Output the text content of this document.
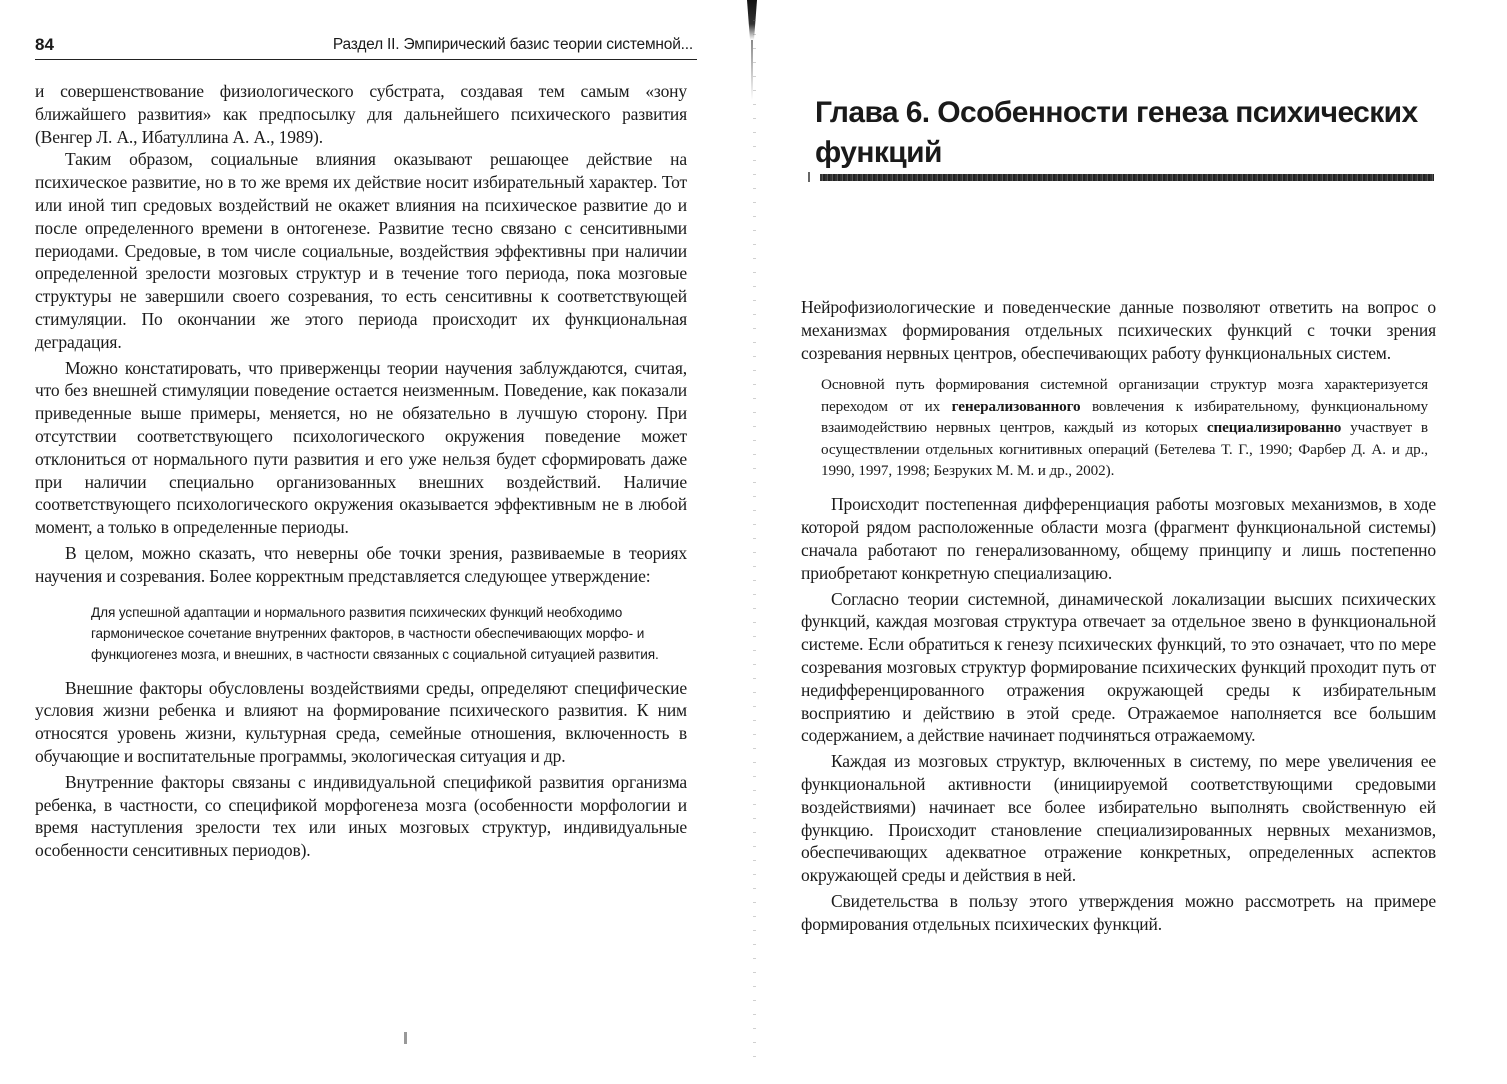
84	Раздел II. Эмпирический базис теории системной...

и совершенствование физиологического субстрата, создавая тем самым «зону ближайшего развития» как предпосылку для дальнейшего психического развития (Венгер Л. А., Ибатуллина А. А., 1989).

Таким образом, социальные влияния оказывают решающее действие на психическое развитие, но в то же время их действие носит избирательный характер. Тот или иной тип средовых воздействий не окажет влияния на психическое развитие до и после определенного времени в онтогенезе. Развитие тесно связано с сенситивными периодами. Средовые, в том числе социальные, воздействия эффективны при наличии определенной зрелости мозговых структур и в течение того периода, пока мозговые структуры не завершили своего созревания, то есть сенситивны к соответствующей стимуляции. По окончании же этого периода происходит их функциональная деградация.

Можно констатировать, что приверженцы теории научения заблуждаются, считая, что без внешней стимуляции поведение остается неизменным. Поведение, как показали приведенные выше примеры, меняется, но не обязательно в лучшую сторону. При отсутствии соответствующего психологического окружения поведение может отклониться от нормального пути развития и его уже нельзя будет сформировать даже при наличии специально организованных внешних воздействий. Наличие соответствующего психологического окружения оказывается эффективным не в любой момент, а только в определенные периоды.

В целом, можно сказать, что неверны обе точки зрения, развиваемые в теориях научения и созревания. Более корректным представляется следующее утверждение:

Для успешной адаптации и нормального развития психических функций необходимо гармоническое сочетание внутренних факторов, в частности обеспечивающих морфо- и функциогенез мозга, и внешних, в частности связанных с социальной ситуацией развития.

Внешние факторы обусловлены воздействиями среды, определяют специфические условия жизни ребенка и влияют на формирование психического развития. К ним относятся уровень жизни, культурная среда, семейные отношения, включенность в обучающие и воспитательные программы, экологическая ситуация и др.

Внутренние факторы связаны с индивидуальной спецификой развития организма ребенка, в частности, со спецификой морфогенеза мозга (особенности морфологии и время наступления зрелости тех или иных мозговых структур, индивидуальные особенности сенситивных периодов).

Глава 6. Особенности генеза психических функций

Нейрофизиологические и поведенческие данные позволяют ответить на вопрос о механизмах формирования отдельных психических функций с точки зрения созревания нервных центров, обеспечивающих работу функциональных систем.

Основной путь формирования системной организации структур мозга характеризуется переходом от их генерализованного вовлечения к избирательному, функциональному взаимодействию нервных центров, каждый из которых специализированно участвует в осуществлении отдельных когнитивных операций (Бетелева Т. Г., 1990; Фарбер Д. А. и др., 1990, 1997, 1998; Безруких М. М. и др., 2002).

Происходит постепенная дифференциация работы мозговых механизмов, в ходе которой рядом расположенные области мозга (фрагмент функциональной системы) сначала работают по генерализованному, общему принципу и лишь постепенно приобретают конкретную специализацию.

Согласно теории системной, динамической локализации высших психических функций, каждая мозговая структура отвечает за отдельное звено в функциональной системе. Если обратиться к генезу психических функций, то это означает, что по мере созревания мозговых структур формирование психических функций проходит путь от недифференцированного отражения окружающей среды к избирательным восприятию и действию в этой среде. Отражаемое наполняется все большим содержанием, а действие начинает подчиняться отражаемому.

Каждая из мозговых структур, включенных в систему, по мере увеличения ее функциональной активности (инициируемой соответствующими средовыми воздействиями) начинает все более избирательно выполнять свойственную ей функцию. Происходит становление специализированных нервных механизмов, обеспечивающих адекватное отражение конкретных, определенных аспектов окружающей среды и действия в ней.

Свидетельства в пользу этого утверждения можно рассмотреть на примере формирования отдельных психических функций.
